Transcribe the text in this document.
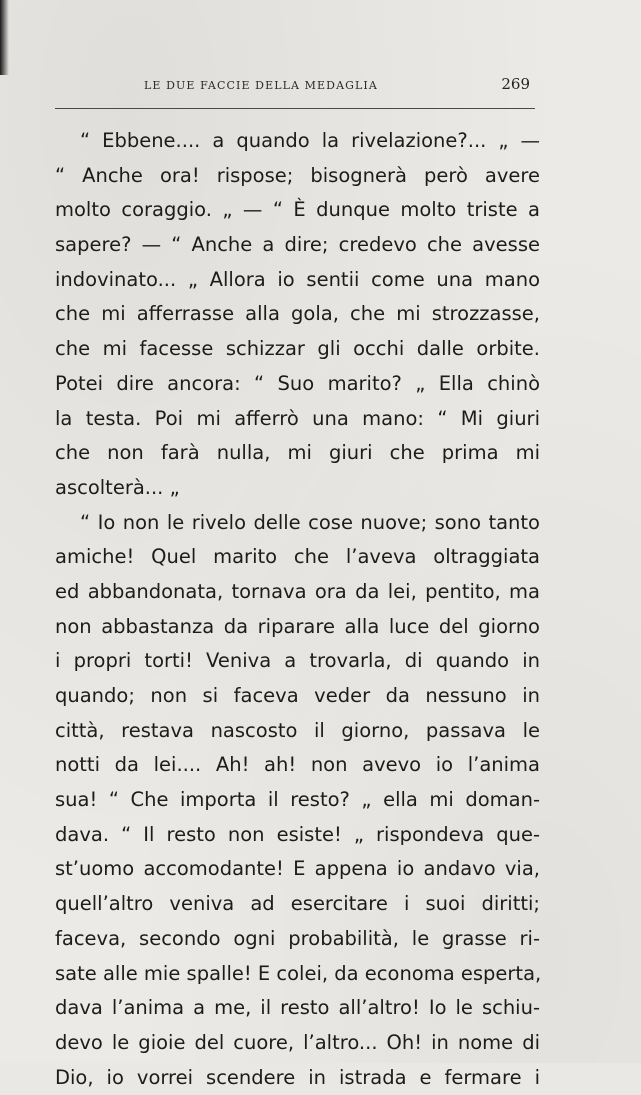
LE DUE FACCIE DELLA MEDAGLIA	269
“ Ebbene.... a quando la rivelazione?... „ —
“ Anche ora! rispose; bisognerà però avere
molto coraggio. „ — “ È dunque molto triste a
sapere? — “ Anche a dire; credevo che avesse
indovinato... „ Allora io sentii come una mano
che mi afferrasse alla gola, che mi strozzasse,
che mi facesse schizzar gli occhi dalle orbite.
Potei dire ancora: “ Suo marito? „ Ella chinò
la testa. Poi mi afferrò una mano: “ Mi giuri
che non farà nulla, mi giuri che prima mi
ascolterà... „
“ Io non le rivelo delle cose nuove; sono tanto
amiche! Quel marito che l’aveva oltraggiata
ed abbandonata, tornava ora da lei, pentito, ma
non abbastanza da riparare alla luce del giorno
i propri torti! Veniva a trovarla, di quando in
quando; non si faceva veder da nessuno in
città, restava nascosto il giorno, passava le
notti da lei.... Ah! ah! non avevo io l’anima
sua! “ Che importa il resto? „ ella mi doman-
dava. “ Il resto non esiste! „ rispondeva que-
st’uomo accomodante! E appena io andavo via,
quell’altro veniva ad esercitare i suoi diritti;
faceva, secondo ogni probabilità, le grasse ri-
sate alle mie spalle! E colei, da economa esperta,
dava l’anima a me, il resto all’altro! Io le schiu-
devo le gioie del cuore, l’altro... Oh! in nome di
Dio, io vorrei scendere in istrada e fermare i
